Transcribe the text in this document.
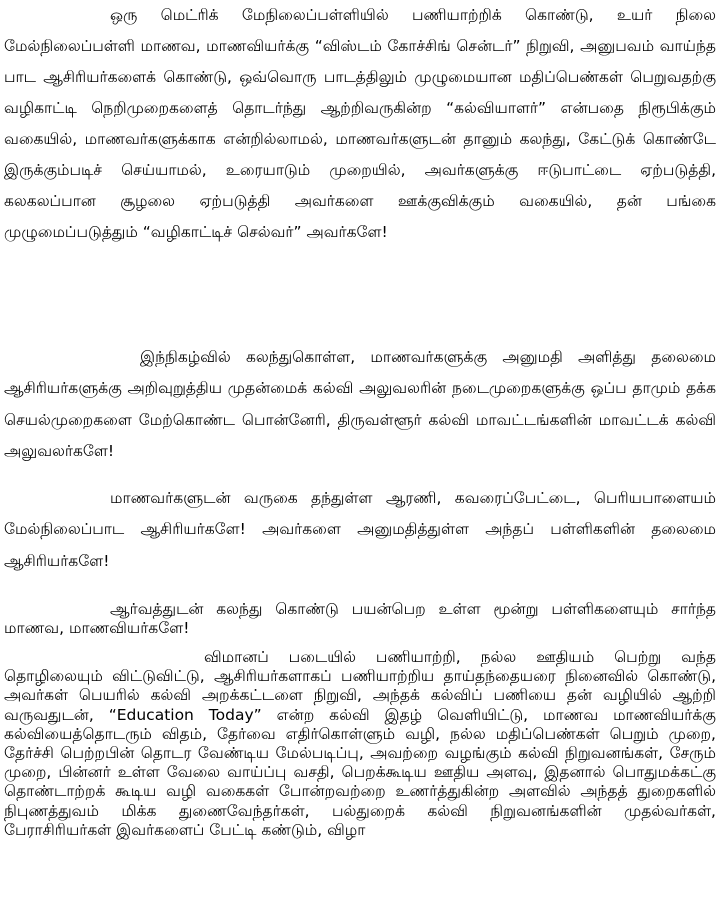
ஒரு மெட்ரிக் மேநிலைப்பள்ளியில் பணியாற்றிக் கொண்டு, உயர் நிலை மேல்நிலைப்பள்ளி மாணவ, மாணவியர்க்கு “விஸ்டம் கோச்சிங் சென்டர்” நிறுவி, அனுபவம் வாய்ந்த பாட ஆசிரியர்களைக் கொண்டு, ஒவ்வொரு பாடத்திலும் முழுமையான மதிப்பெண்கள் பெறுவதற்கு வழிகாட்டி நெறிமுறைகளைத் தொடர்ந்து ஆற்றிவருகின்ற “கல்வியாளர்” என்பதை நிரூபிக்கும் வகையில், மாணவர்களுக்காக என்றில்லாமல், மாணவர்களுடன் தானும் கலந்து, கேட்டுக் கொண்டே இருக்கும்படிச் செய்யாமல், உரையாடும் முறையில், அவர்களுக்கு ஈடுபாட்டை ஏற்படுத்தி, கலகலப்பான சூழலை ஏற்படுத்தி அவர்களை ஊக்குவிக்கும் வகையில், தன் பங்கை முழுமைப்படுத்தும் “வழிகாட்டிச் செல்வர்” அவர்களே!

இந்நிகழ்வில் கலந்துகொள்ள, மாணவர்களுக்கு அனுமதி அளித்து தலைமை ஆசிரியர்களுக்கு அறிவுறுத்திய முதன்மைக் கல்வி அலுவலரின் நடைமுறைகளுக்கு ஒப்ப தாமும் தக்க செயல்முறைகளை மேற்கொண்ட பொன்னேரி, திருவள்ளூர் கல்வி மாவட்டங்களின் மாவட்டக் கல்வி அலுவலர்களே!

மாணவர்களுடன் வருகை தந்துள்ள ஆரணி, கவரைப்பேட்டை, பெரியபாளையம் மேல்நிலைப்பாட ஆசிரியர்களே! அவர்களை அனுமதித்துள்ள அந்தப் பள்ளிகளின் தலைமை ஆசிரியர்களே!

ஆர்வத்துடன் கலந்து கொண்டு பயன்பெற உள்ள மூன்று பள்ளிகளையும் சார்ந்த மாணவ, மாணவியர்களே!

விமானப் படையில் பணியாற்றி, நல்ல ஊதியம் பெற்று வந்த தொழிலையும் விட்டுவிட்டு, ஆசிரியர்களாகப் பணியாற்றிய தாய்தந்தையரை நினைவில் கொண்டு, அவர்கள் பெயரில் கல்வி அறக்கட்டளை நிறுவி, அந்தக் கல்விப் பணியை தன் வழியில் ஆற்றி வருவதுடன், “Education Today” என்ற கல்வி இதழ் வெளியிட்டு, மாணவ மாணவியர்க்கு கல்வியைத்தொடரும் விதம், தேர்வை எதிர்கொள்ளும் வழி, நல்ல மதிப்பெண்கள் பெறும் முறை, தேர்ச்சி பெற்றபின் தொடர வேண்டிய மேல்படிப்பு, அவற்றை வழங்கும் கல்வி நிறுவனங்கள், சேரும் முறை, பின்னர் உள்ள வேலை வாய்ப்பு வசதி, பெறக்கூடிய ஊதிய அளவு, இதனால் பொதுமக்கட்கு தொண்டாற்றக் கூடிய வழி வகைகள் போன்றவற்றை உணர்த்துகின்ற அளவில் அந்தத் துறைகளில் நிபுணத்துவம் மிக்க துணைவேந்தர்கள், பல்துறைக் கல்வி நிறுவனங்களின் முதல்வர்கள், பேராசிரியர்கள் இவர்களைப் பேட்டி கண்டும், விழா
